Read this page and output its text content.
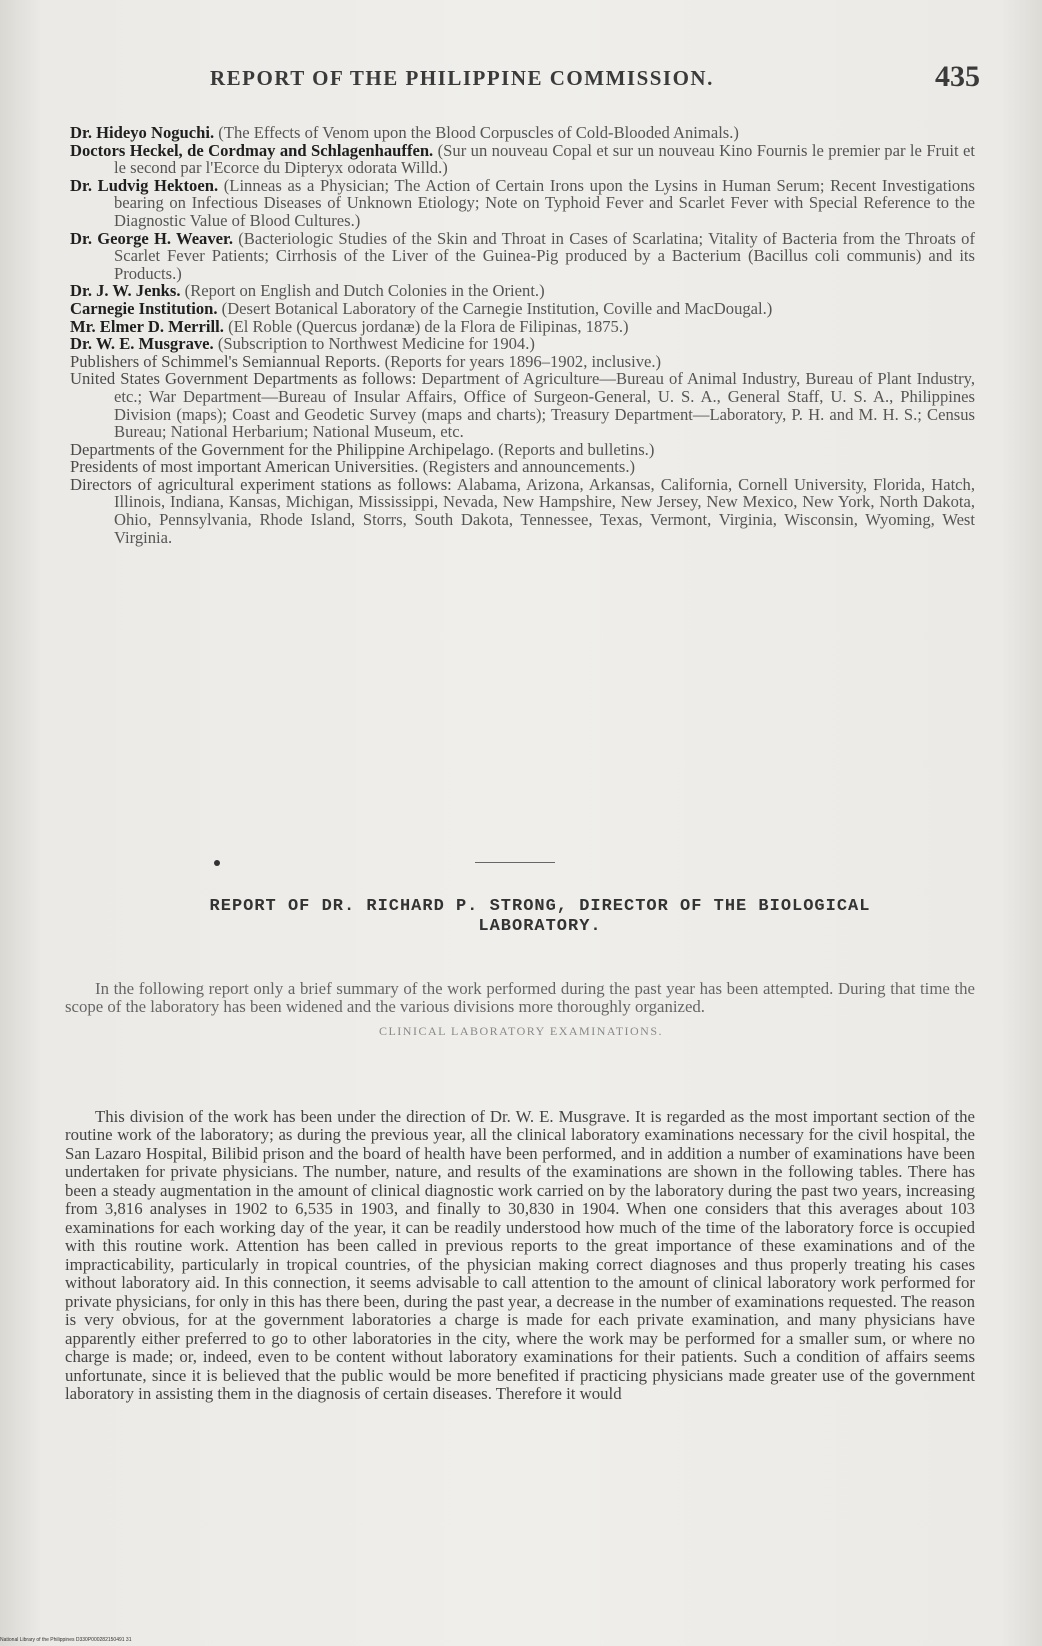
REPORT OF THE PHILIPPINE COMMISSION.	435

Dr. Hideyo Noguchi. (The Effects of Venom upon the Blood Corpuscles of Cold-Blooded Animals.)

Doctors Heckel, de Cordmay and Schlagenhauffen. (Sur un nouveau Copal et sur un nouveau Kino Fournis le premier par le Fruit et le second par l'Ecorce du Dipteryx odorata Willd.)

Dr. Ludvig Hektoen. (Linneas as a Physician; The Action of Certain Irons upon the Lysins in Human Serum; Recent Investigations bearing on Infectious Diseases of Unknown Etiology; Note on Typhoid Fever and Scarlet Fever with Special Reference to the Diagnostic Value of Blood Cultures.)

Dr. George H. Weaver. (Bacteriologic Studies of the Skin and Throat in Cases of Scarlatina; Vitality of Bacteria from the Throats of Scarlet Fever Patients; Cirrhosis of the Liver of the Guinea-Pig produced by a Bacterium (Bacillus coli communis) and its Products.)

Dr. J. W. Jenks. (Report on English and Dutch Colonies in the Orient.)

Carnegie Institution. (Desert Botanical Laboratory of the Carnegie Institution, Coville and MacDougal.)

Mr. Elmer D. Merrill. (El Roble (Quercus jordanæ) de la Flora de Filipinas, 1875.)

Dr. W. E. Musgrave. (Subscription to Northwest Medicine for 1904.)

Publishers of Schimmel's Semiannual Reports. (Reports for years 1896–1902, inclusive.)

United States Government Departments as follows: Department of Agriculture—Bureau of Animal Industry, Bureau of Plant Industry, etc.; War Department—Bureau of Insular Affairs, Office of Surgeon-General, U. S. A., General Staff, U. S. A., Philippines Division (maps); Coast and Geodetic Survey (maps and charts); Treasury Department—Laboratory, P. H. and M. H. S.; Census Bureau; National Herbarium; National Museum, etc.

Departments of the Government for the Philippine Archipelago. (Reports and bulletins.)

Presidents of most important American Universities. (Registers and announcements.)

Directors of agricultural experiment stations as follows: Alabama, Arizona, Arkansas, California, Cornell University, Florida, Hatch, Illinois, Indiana, Kansas, Michigan, Mississippi, Nevada, New Hampshire, New Jersey, New Mexico, New York, North Dakota, Ohio, Pennsylvania, Rhode Island, Storrs, South Dakota, Tennessee, Texas, Vermont, Virginia, Wisconsin, Wyoming, West Virginia.

REPORT OF DR. RICHARD P. STRONG, DIRECTOR OF THE BIOLOGICAL
LABORATORY.

In the following report only a brief summary of the work performed during the past year has been attempted. During that time the scope of the laboratory has been widened and the various divisions more thoroughly organized.

CLINICAL LABORATORY EXAMINATIONS.

This division of the work has been under the direction of Dr. W. E. Musgrave. It is regarded as the most important section of the routine work of the laboratory; as during the previous year, all the clinical laboratory examinations necessary for the civil hospital, the San Lazaro Hospital, Bilibid prison and the board of health have been performed, and in addition a number of examinations have been undertaken for private physicians. The number, nature, and results of the examinations are shown in the following tables. There has been a steady augmentation in the amount of clinical diagnostic work carried on by the laboratory during the past two years, increasing from 3,816 analyses in 1902 to 6,535 in 1903, and finally to 30,830 in 1904. When one considers that this averages about 103 examinations for each working day of the year, it can be readily understood how much of the time of the laboratory force is occupied with this routine work. Attention has been called in previous reports to the great importance of these examinations and of the impracticability, particularly in tropical countries, of the physician making correct diagnoses and thus properly treating his cases without laboratory aid. In this connection, it seems advisable to call attention to the amount of clinical laboratory work performed for private physicians, for only in this has there been, during the past year, a decrease in the number of examinations requested. The reason is very obvious, for at the government laboratories a charge is made for each private examination, and many physicians have apparently either preferred to go to other laboratories in the city, where the work may be performed for a smaller sum, or where no charge is made; or, indeed, even to be content without laboratory examinations for their patients. Such a condition of affairs seems unfortunate, since it is believed that the public would be more benefited if practicing physicians made greater use of the government laboratory in assisting them in the diagnosis of certain diseases. Therefore it would

National Library of the Philippines D330P000282150491 31
